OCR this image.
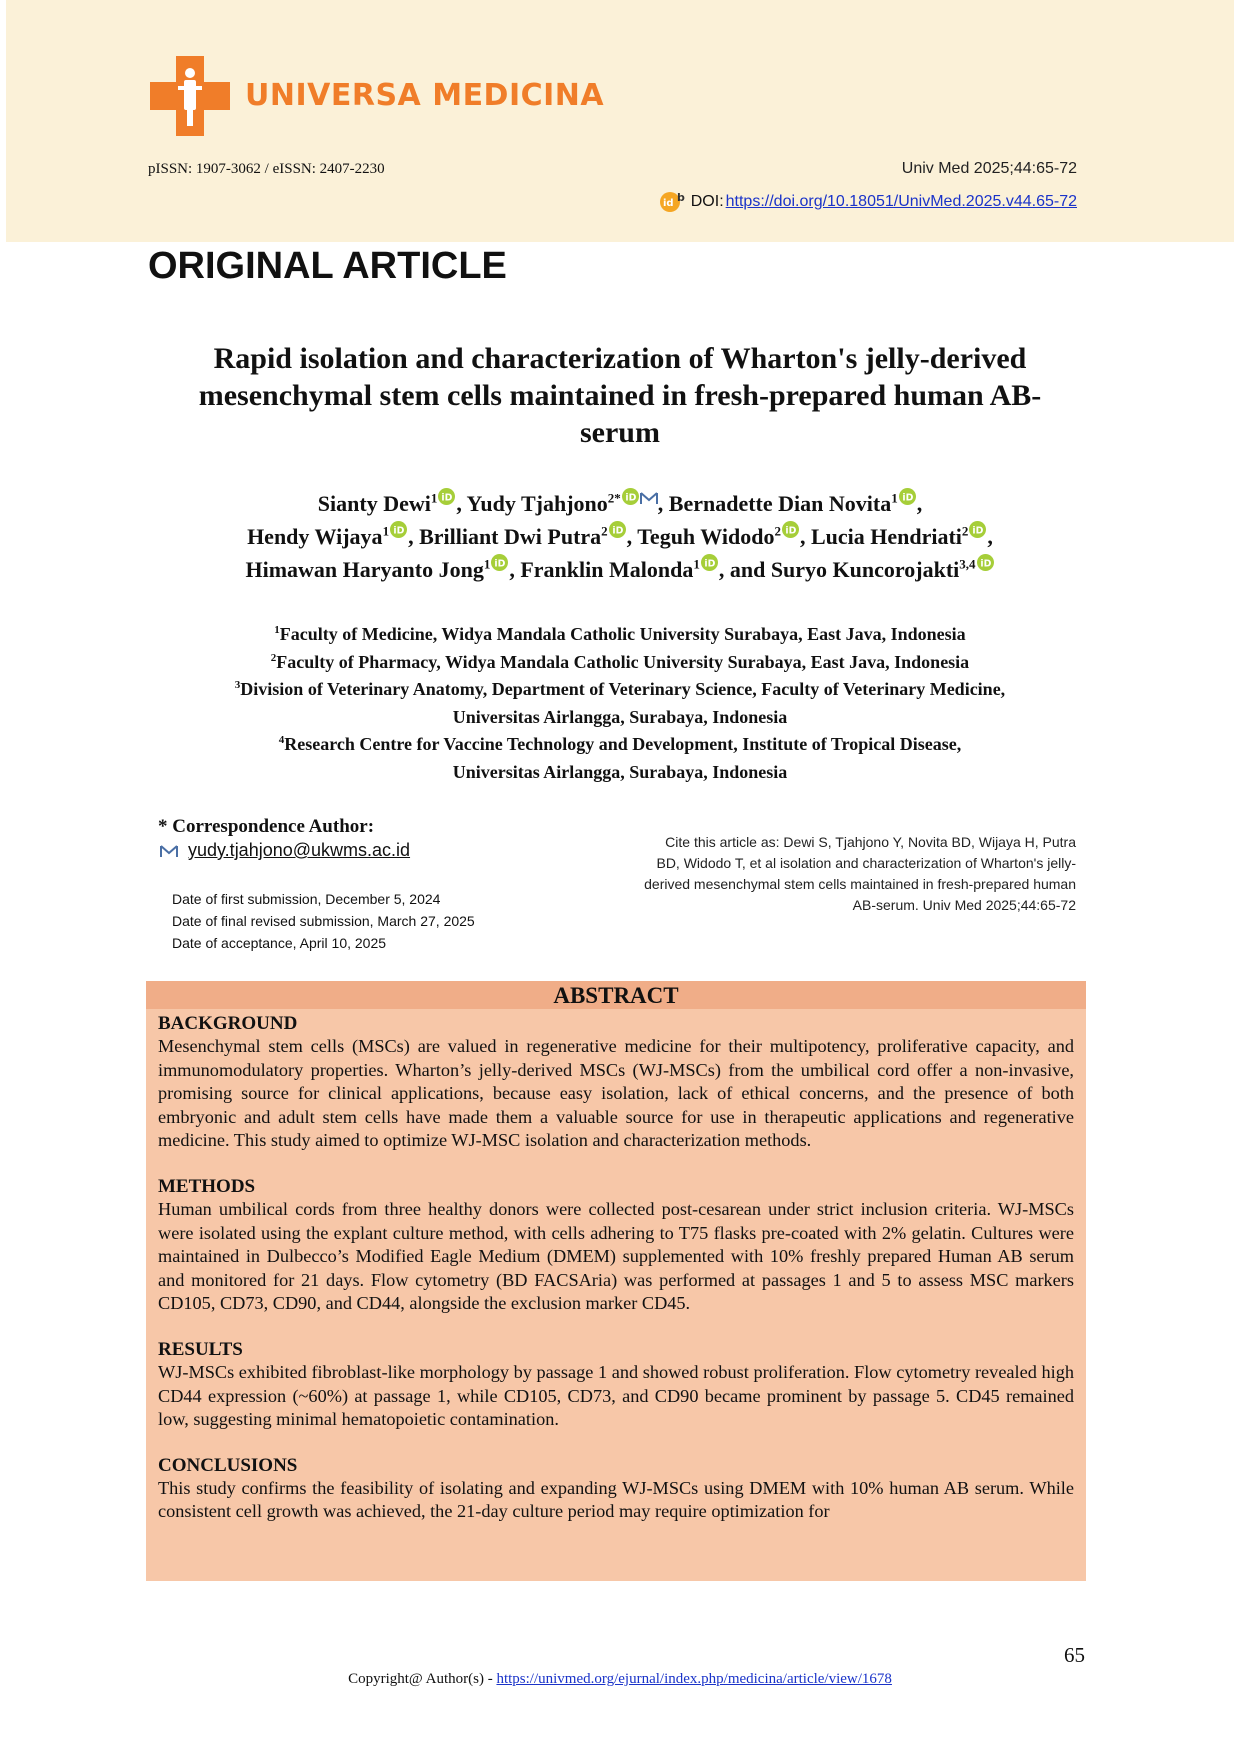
UNIVERSA MEDICINA
pISSN: 1907-3062 / eISSN: 2407-2230	Univ Med 2025;44:65-72
id b DOI: https://doi.org/10.18051/UnivMed.2025.v44.65-72
ORIGINAL ARTICLE
Rapid isolation and characterization of Wharton's jelly-derived mesenchymal stem cells maintained in fresh-prepared human AB-serum
Sianty Dewi$^1$ iD , Yudy Tjahjono$^{2*}$ iD , Bernadette Dian Novita$^1$ iD ,
Hendy Wijaya$^1$ iD , Brilliant Dwi Putra$^2$ iD , Teguh Widodo$^2$ iD , Lucia Hendriati$^2$ iD ,
Himawan Haryanto Jong$^1$ iD , Franklin Malonda$^1$ iD , and Suryo Kuncorojakti$^{3,4}$ iD
$^1$Faculty of Medicine, Widya Mandala Catholic University Surabaya, East Java, Indonesia
$^2$Faculty of Pharmacy, Widya Mandala Catholic University Surabaya, East Java, Indonesia
$^3$Division of Veterinary Anatomy, Department of Veterinary Science, Faculty of Veterinary Medicine,
Universitas Airlangga, Surabaya, Indonesia
$^4$Research Centre for Vaccine Technology and Development, Institute of Tropical Disease,
Universitas Airlangga, Surabaya, Indonesia
* Correspondence Author:
yudy.tjahjono@ukwms.ac.id
Date of first submission, December 5, 2024
Date of final revised submission, March 27, 2025
Date of acceptance, April 10, 2025
Cite this article as: Dewi S, Tjahjono Y, Novita BD, Wijaya H, Putra BD, Widodo T, et al isolation and characterization of Wharton's jelly-derived mesenchymal stem cells maintained in fresh-prepared human AB-serum. Univ Med 2025;44:65-72
ABSTRACT
BACKGROUND

Mesenchymal stem cells (MSCs) are valued in regenerative medicine for their multipotency, proliferative capacity, and immunomodulatory properties. Wharton’s jelly-derived MSCs (WJ-MSCs) from the umbilical cord offer a non-invasive, promising source for clinical applications, because easy isolation, lack of ethical concerns, and the presence of both embryonic and adult stem cells have made them a valuable source for use in therapeutic applications and regenerative medicine. This study aimed to optimize WJ-MSC isolation and characterization methods.

METHODS

Human umbilical cords from three healthy donors were collected post-cesarean under strict inclusion criteria. WJ-MSCs were isolated using the explant culture method, with cells adhering to T75 flasks pre-coated with 2% gelatin. Cultures were maintained in Dulbecco’s Modified Eagle Medium (DMEM) supplemented with 10% freshly prepared Human AB serum and monitored for 21 days. Flow cytometry (BD FACSAria) was performed at passages 1 and 5 to assess MSC markers CD105, CD73, CD90, and CD44, alongside the exclusion marker CD45.

RESULTS

WJ-MSCs exhibited fibroblast-like morphology by passage 1 and showed robust proliferation. Flow cytometry revealed high CD44 expression (~60%) at passage 1, while CD105, CD73, and CD90 became prominent by passage 5. CD45 remained low, suggesting minimal hematopoietic contamination.

CONCLUSIONS

This study confirms the feasibility of isolating and expanding WJ-MSCs using DMEM with 10% human AB serum. While consistent cell growth was achieved, the 21-day culture period may require optimization for

65
Copyright@ Author(s) - https://univmed.org/ejurnal/index.php/medicina/article/view/1678
